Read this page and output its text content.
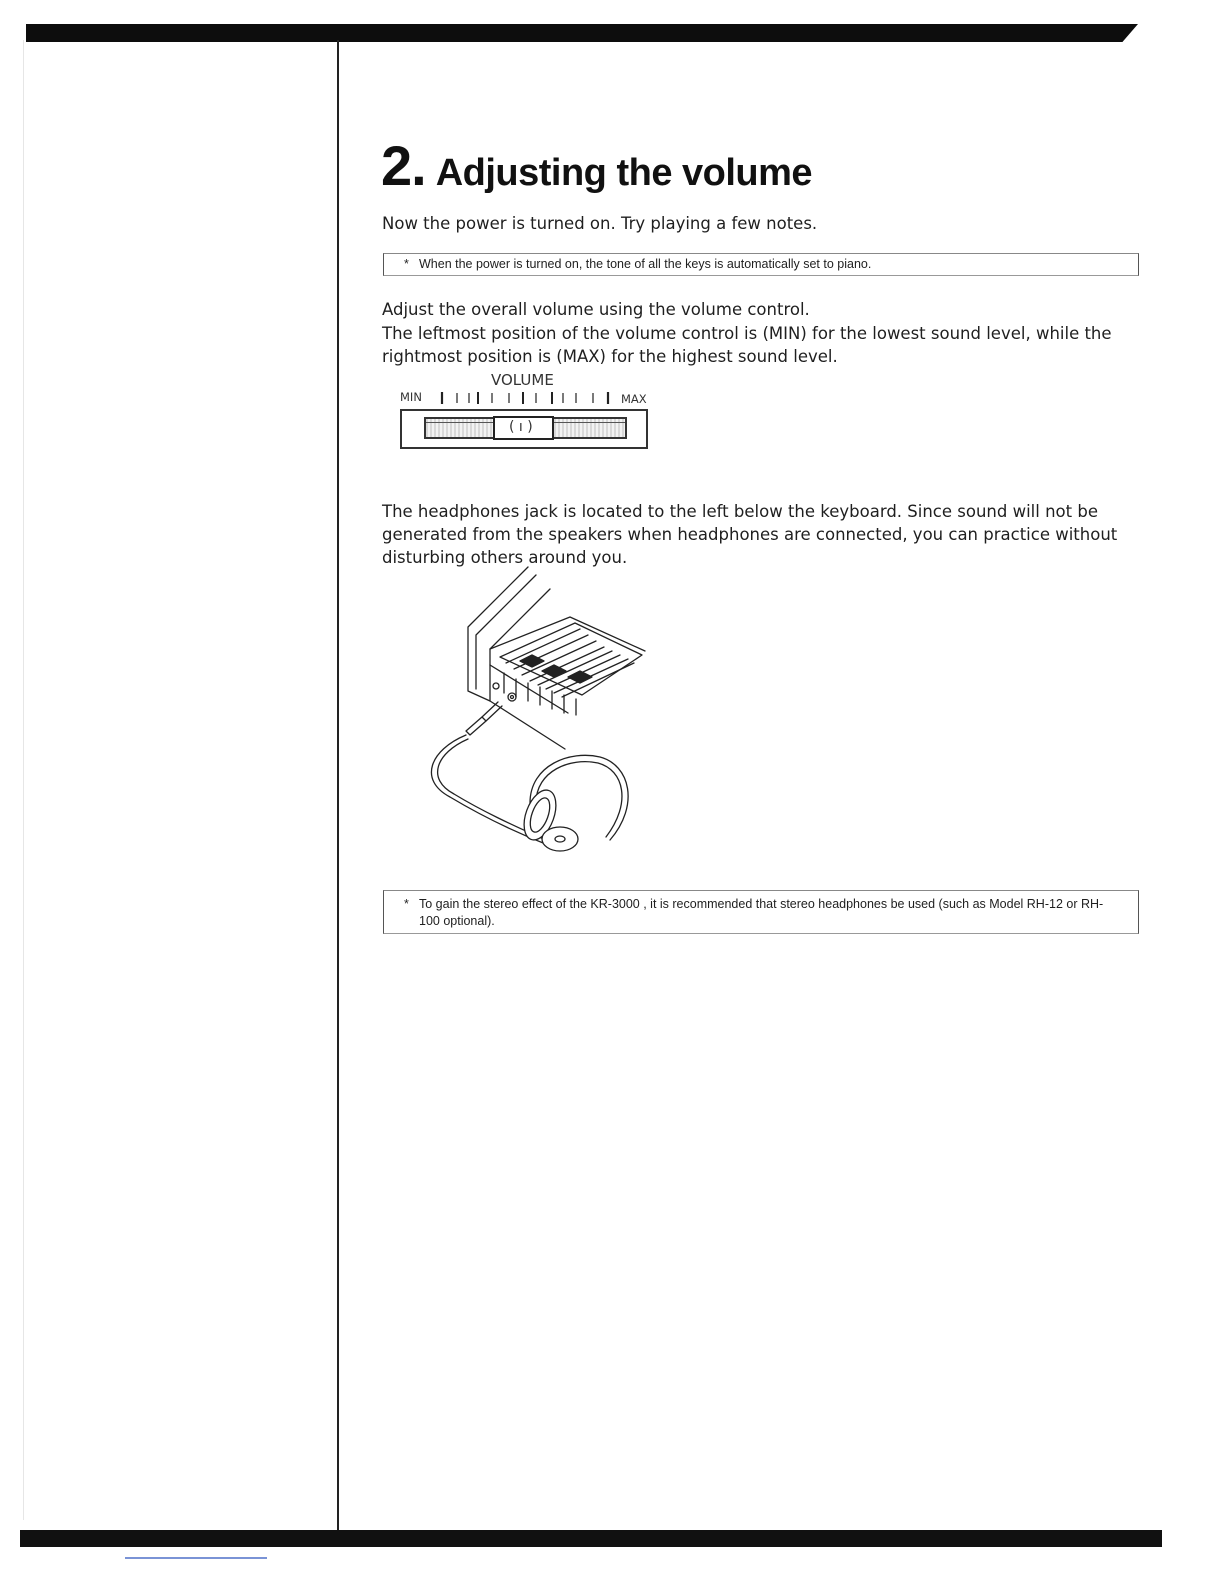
2. Adjusting the volume

Now the power is turned on. Try playing a few notes.

* When the power is turned on, the tone of all the keys is automatically set to piano.

Adjust the overall volume using the volume control.

The leftmost position of the volume control is (MIN) for the lowest sound level, while the rightmost position is (MAX) for the highest sound level.

VOLUME
MIN	MAX
( ı )

The headphones jack is located to the left below the keyboard. Since sound will not be generated from the speakers when headphones are connected, you can practice without disturbing others around you.

* To gain the stereo effect of the KR-3000 , it is recommended that stereo headphones be used (such as Model RH-12 or RH-100 optional).
